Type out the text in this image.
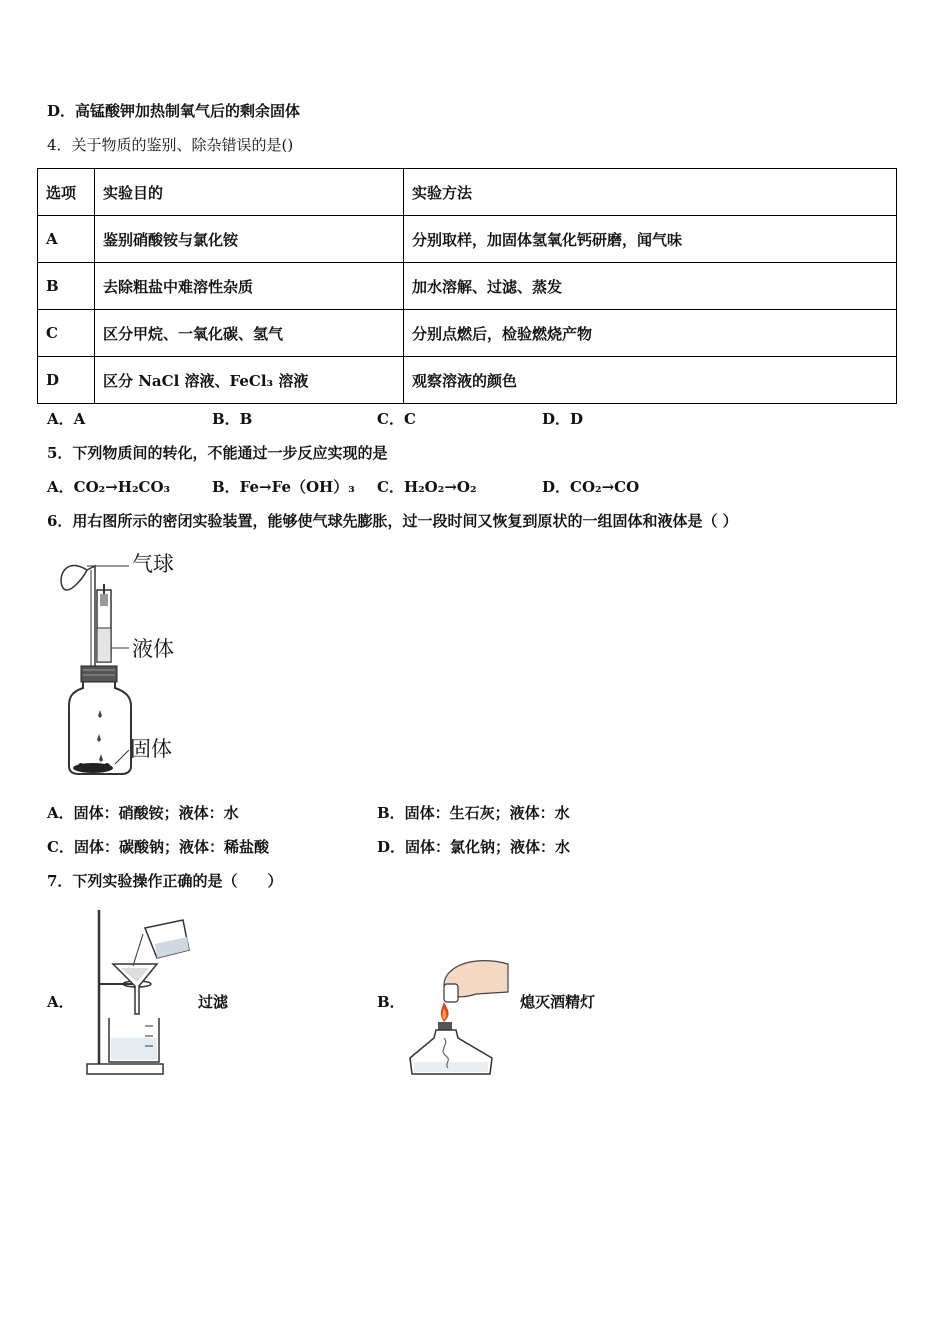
D．高锰酸钾加热制氧气后的剩余固体
4．关于物质的鉴别、除杂错误的是()
选项	实验目的	实验方法
A	鉴别硝酸铵与氯化铵	分别取样，加固体氢氧化钙研磨，闻气味
B	去除粗盐中难溶性杂质	加水溶解、过滤、蒸发
C	区分甲烷、一氧化碳、氢气	分别点燃后，检验燃烧产物
D	区分 NaCl 溶液、FeCl₃ 溶液	观察溶液的颜色
A．A	B．B	C．C	D．D
5．下列物质间的转化，不能通过一步反应实现的是
A．CO₂→H₂CO₃	B．Fe→Fe（OH）₃ C．H₂O₂→O₂	D．CO₂→CO
6．用右图所示的密闭实验装置，能够使气球先膨胀，过一段时间又恢复到原状的一组固体和液体是（ ）
气球
液体
固体
A．固体：硝酸铵；液体：水	B．固体：生石灰；液体：水
C．固体：碳酸钠；液体：稀盐酸	D．固体：氯化钠；液体：水
7．下列实验操作正确的是（　　）
A．	过滤	B．	熄灭酒精灯
